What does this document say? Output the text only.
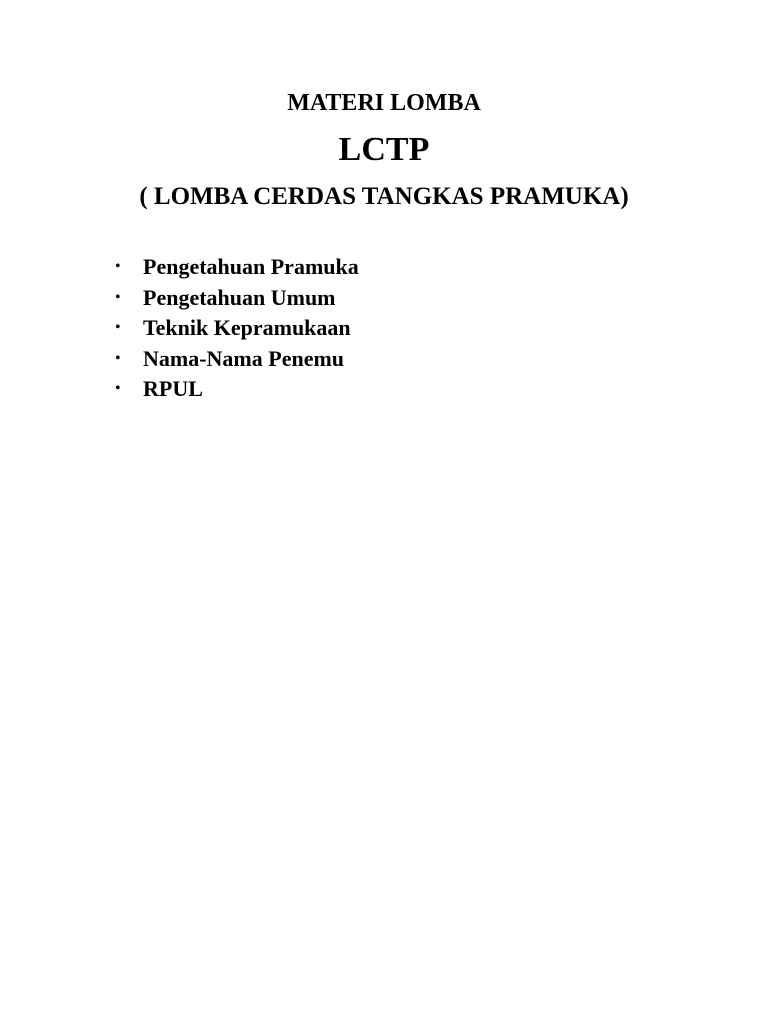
MATERI LOMBA

LCTP

( LOMBA CERDAS TANGKAS PRAMUKA)

•	Pengetahuan Pramuka
•	Pengetahuan Umum
•	Teknik Kepramukaan
•	Nama-Nama Penemu
•	RPUL
